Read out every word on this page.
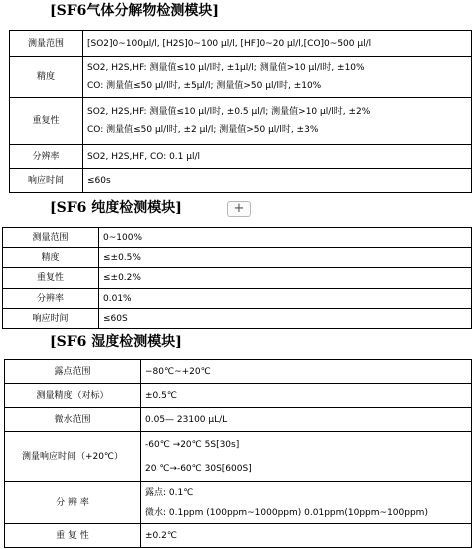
[SF6气体分解物检测模块]
测量范围	[SO2]0~100μl/l, [H2S]0~100 μl/l, [HF]0~20 μl/l,[CO]0~500 μl/l
精度	SO2, H2S,HF: 测量值≤10 μl/l时, ±1μl/l; 测量值>10 μl/l时, ±10%
CO: 测量值≤50 μl/l时, ±5μl/l; 测量值>50 μl/l时, ±10%

重复性	SO2, H2S,HF: 测量值≤10 μl/l时, ±0.5 μl/l; 测量值>10 μl/l时, ±2%
CO: 测量值≤50 μl/l时, ±2 μl/l; 测量值>50 μl/l时, ±3%

分辨率	SO2, H2S,HF, CO: 0.1 μl/l
响应时间	≤60s
[SF6 纯度检测模块]	+
测量范围	0~100%
精度	≤±0.5%
重复性	≤±0.2%
分辨率	0.01%
响应时间	≤60S
[SF6 湿度检测模块]
露点范围	−80℃~+20℃
测量精度（对标）	±0.5℃
微水范围	0.05— 23100 μL/L
测量响应时间（+20℃）	-60℃ →20℃ 5S[30s]
20 ℃→-60℃ 30S[600S]

分 辨 率	露点: 0.1℃
微水: 0.1ppm (100ppm~1000ppm) 0.01ppm(10ppm~100ppm)

重 复 性	±0.2℃
